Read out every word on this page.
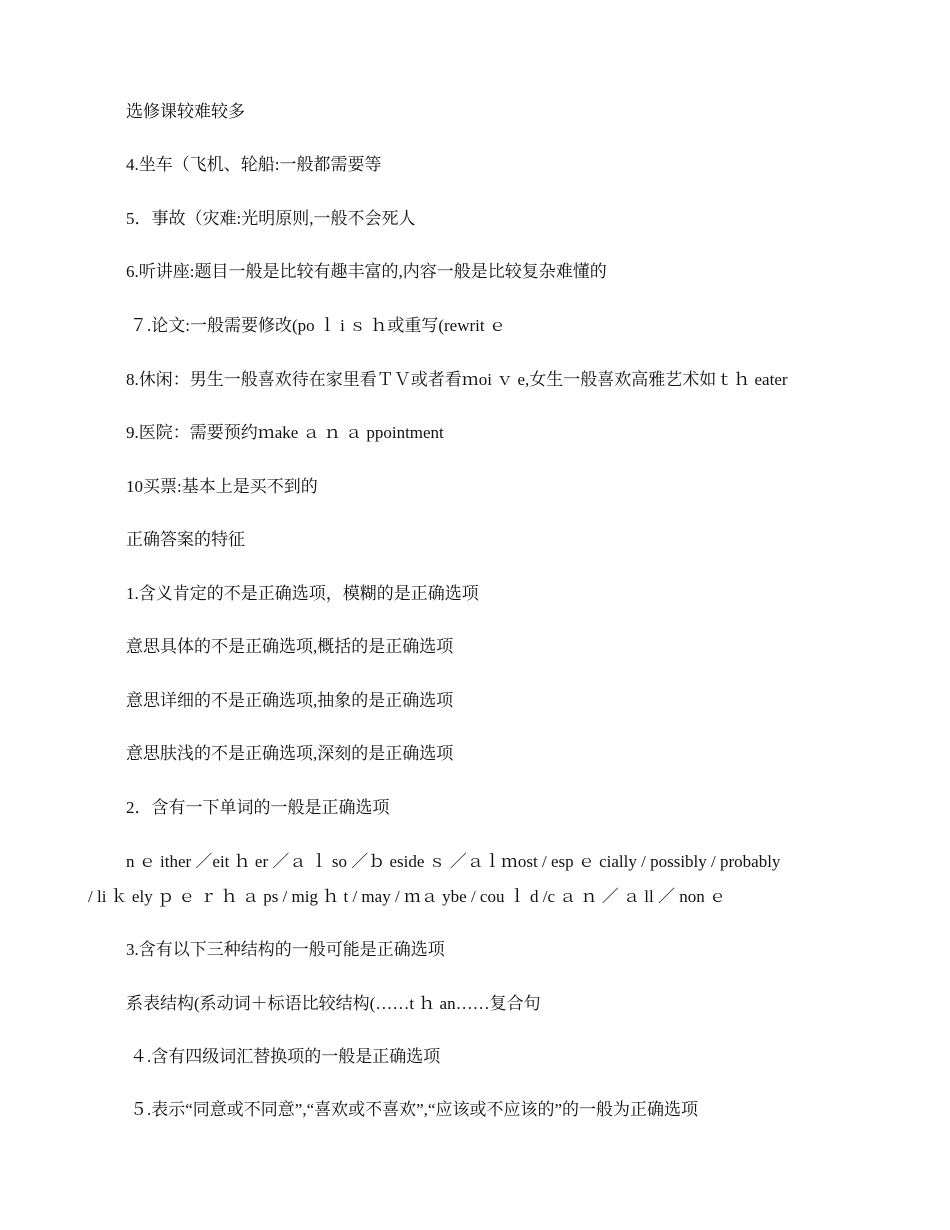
选修课较难较多
4.坐车（飞机、轮船:一般都需要等
5．事故（灾难:光明原则,一般不会死人
6.听讲座:题目一般是比较有趣丰富的,内容一般是比较复杂难懂的
７.论文:一般需要修改(po ｌ i ｓ ｈ或重写(rewrit ｅ
8.休闲：男生一般喜欢待在家里看ＴＶ或者看ｍoi ｖ e,女生一般喜欢高雅艺术如ｔｈ eater
9.医院：需要预约ｍake ａ ｎ ａ ppointment
10买票:基本上是买不到的
正确答案的特征
1.含义肯定的不是正确选项，模糊的是正确选项
意思具体的不是正确选项,概括的是正确选项
意思详细的不是正确选项,抽象的是正确选项
意思肤浅的不是正确选项,深刻的是正确选项
2．含有一下单词的一般是正确选项
n ｅ ither ／eit ｈ er ／ａ ｌ so ／ｂ eside ｓ ／ａｌｍost / esp ｅ cially / possibly / probably
/ li ｋ ely ｐ ｅ ｒ ｈ ａ ps / mig ｈ t / may / ｍａ ybe / cou ｌ d /c ａ ｎ ／ ａ ll ／ non ｅ
3.含有以下三种结构的一般可能是正确选项
系表结构(系动词＋标语比较结构(……t ｈ an……复合句
４.含有四级词汇替换项的一般是正确选项
５.表示“同意或不同意”,“喜欢或不喜欢”,“应该或不应该的”的一般为正确选项
